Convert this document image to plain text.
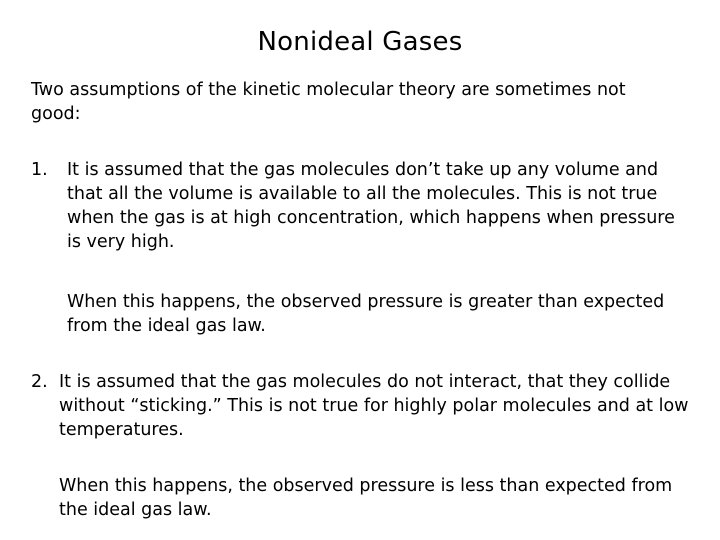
Nonideal Gases

Two assumptions of the kinetic molecular theory are sometimes not good:

1. It is assumed that the gas molecules don’t take up any volume and that all the volume is available to all the molecules. This is not true when the gas is at high concentration, which happens when pressure is very high.

When this happens, the observed pressure is greater than expected from the ideal gas law.

2. It is assumed that the gas molecules do not interact, that they collide without “sticking.” This is not true for highly polar molecules and at low temperatures.

When this happens, the observed pressure is less than expected from the ideal gas law.
